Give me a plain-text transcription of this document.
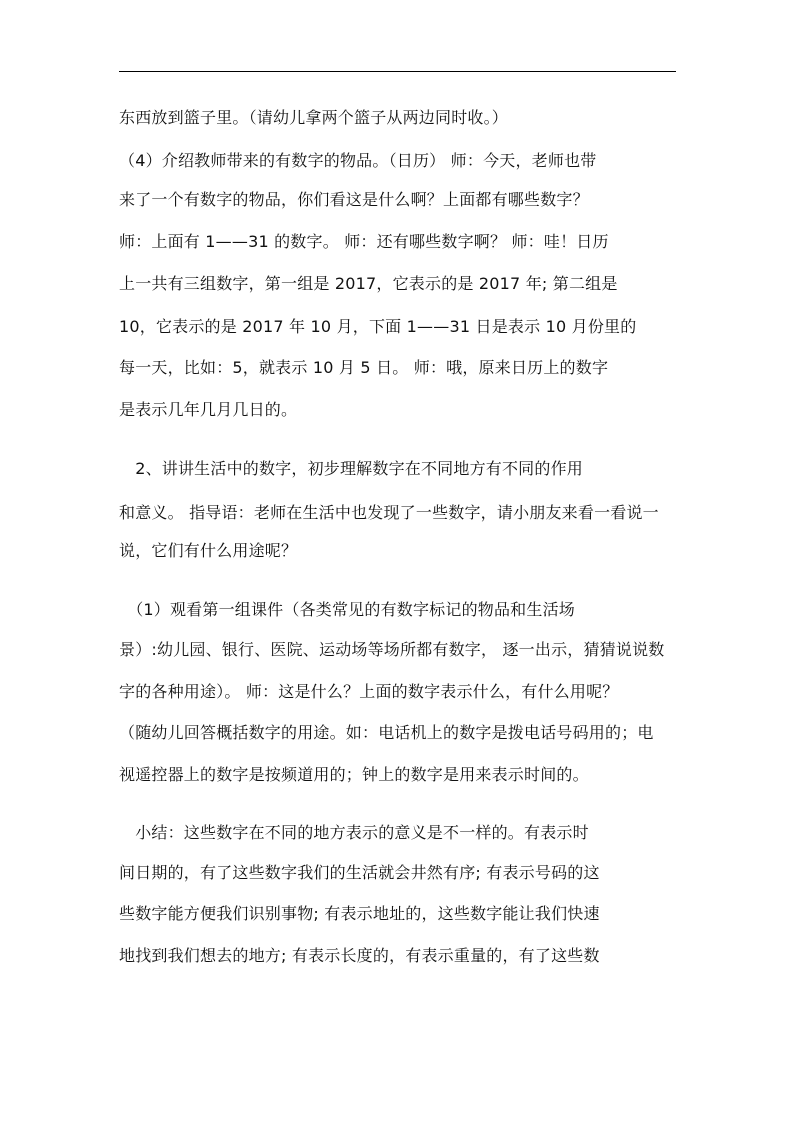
东西放到篮子里。（请幼儿拿两个篮子从两边同时收。）
（4）介绍教师带来的有数字的物品。（日历） 师：今天，老师也带
来了一个有数字的物品，你们看这是什么啊？上面都有哪些数字？
师：上面有 1——31 的数字。 师：还有哪些数字啊？ 师：哇！日历
上一共有三组数字，第一组是 2017，它表示的是 2017 年; 第二组是
10，它表示的是 2017 年 10 月，下面 1——31 日是表示 10 月份里的
每一天，比如：5，就表示 10 月 5 日。 师：哦，原来日历上的数字
是表示几年几月几日的。
　2、讲讲生活中的数字，初步理解数字在不同地方有不同的作用
和意义。 指导语：老师在生活中也发现了一些数字，请小朋友来看一看说一
说，它们有什么用途呢？
　（1）观看第一组课件（各类常见的有数字标记的物品和生活场
景）:幼儿园、银行、医院、运动场等场所都有数字， 逐一出示，猜猜说说数
字的各种用途）。 师：这是什么？上面的数字表示什么，有什么用呢？
（随幼儿回答概括数字的用途。如：电话机上的数字是拨电话号码用的；电
视遥控器上的数字是按频道用的；钟上的数字是用来表示时间的。
　小结：这些数字在不同的地方表示的意义是不一样的。有表示时
间日期的，有了这些数字我们的生活就会井然有序; 有表示号码的这
些数字能方便我们识别事物; 有表示地址的，这些数字能让我们快速
地找到我们想去的地方; 有表示长度的，有表示重量的，有了这些数
